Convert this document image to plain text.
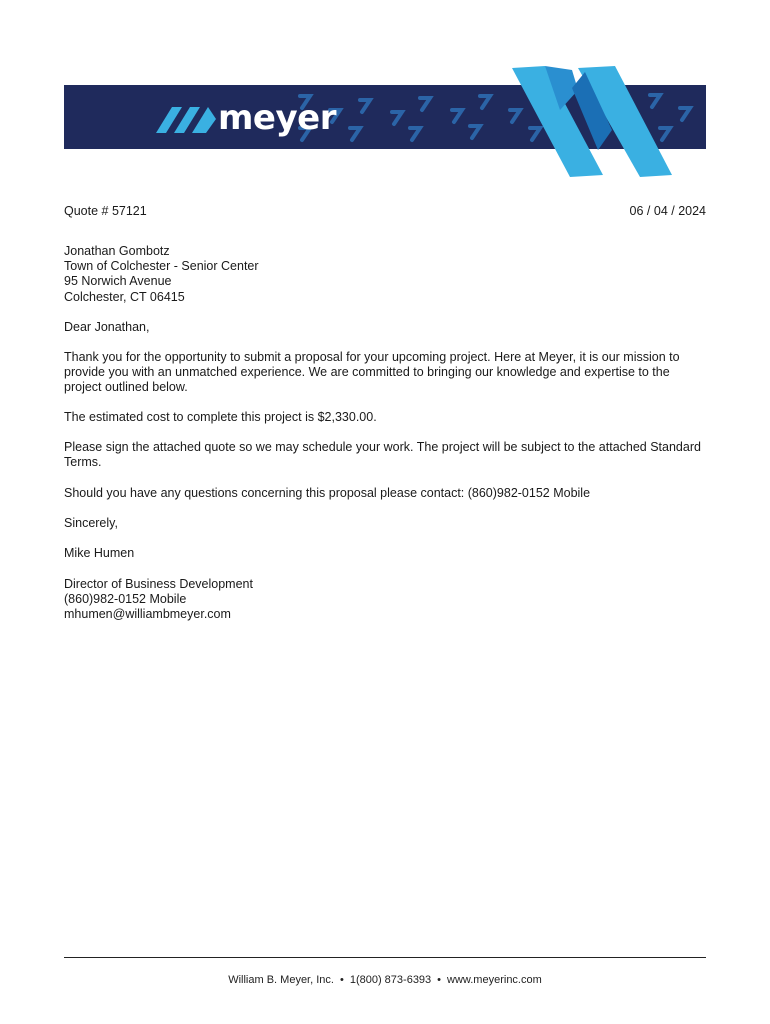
meyer
Quote # 57121	06 / 04 / 2024
Jonathan Gombotz
Town of Colchester - Senior Center
95 Norwich Avenue
Colchester, CT 06415
Dear Jonathan,
Thank you for the opportunity to submit a proposal for your upcoming project. Here at Meyer, it is our mission to provide you with an unmatched experience. We are committed to bringing our knowledge and expertise to the project outlined below.
The estimated cost to complete this project is $2,330.00.
Please sign the attached quote so we may schedule your work. The project will be subject to the attached Standard Terms.
Should you have any questions concerning this proposal please contact: (860)982-0152 Mobile
Sincerely,
Mike Humen
Director of Business Development
(860)982-0152 Mobile
mhumen@williambmeyer.com
William B. Meyer, Inc. • 1(800) 873-6393 • www.meyerinc.com
